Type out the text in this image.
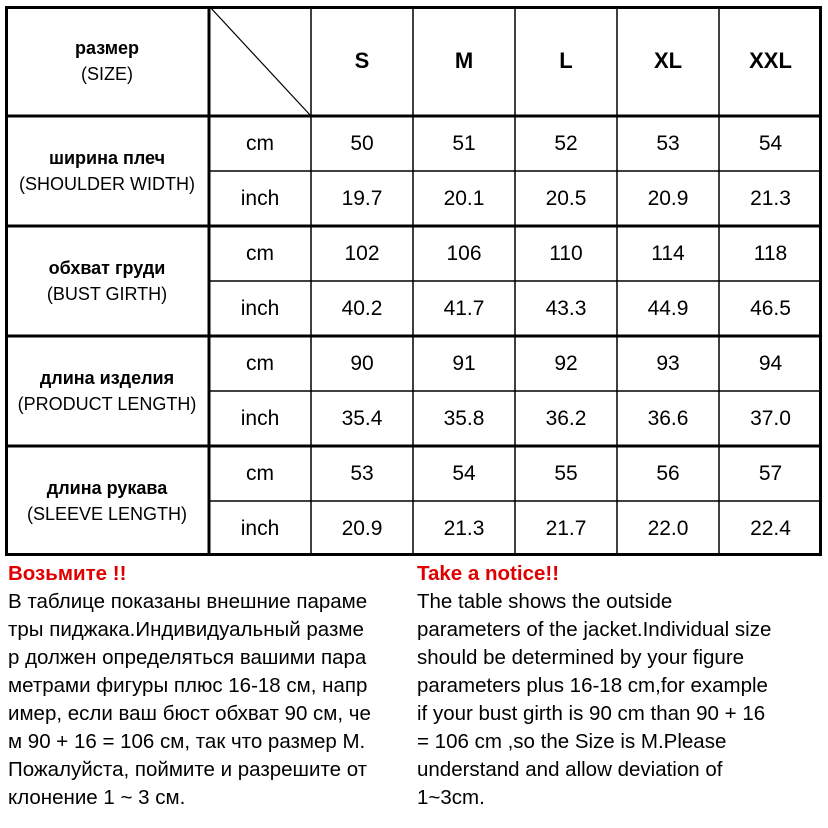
размер
(SIZE)
S	M	L	XL	XXL
ширина плеч
(SHOULDER WIDTH)
cm	50	51	52	53	54
inch	19.7	20.1	20.5	20.9	21.3
обхват груди
(BUST GIRTH)
cm	102	106	110	114	118
inch	40.2	41.7	43.3	44.9	46.5
длина изделия
(PRODUCT LENGTH)
cm	90	91	92	93	94
inch	35.4	35.8	36.2	36.6	37.0
длина рукава
(SLEEVE LENGTH)
cm	53	54	55	56	57
inch	20.9	21.3	21.7	22.0	22.4

Возьмите !!

В таблице показаны внешние параме

тры пиджака.Индивидуальный разме

р должен определяться вашими пара

метрами фигуры плюс 16-18 см, напр

имер, если ваш бюст обхват 90 см, че

м 90 + 16 = 106 см, так что размер M.

Пожалуйста, поймите и разрешите от

клонение 1 ~ 3 см.

Take a notice!!

The table shows the outside

parameters of the jacket.Individual size

should be determined by your figure

parameters plus 16-18 cm,for example

if your bust girth is 90 cm than 90 + 16

= 106 cm ,so the Size is M.Please

understand and allow deviation of

1~3cm.
